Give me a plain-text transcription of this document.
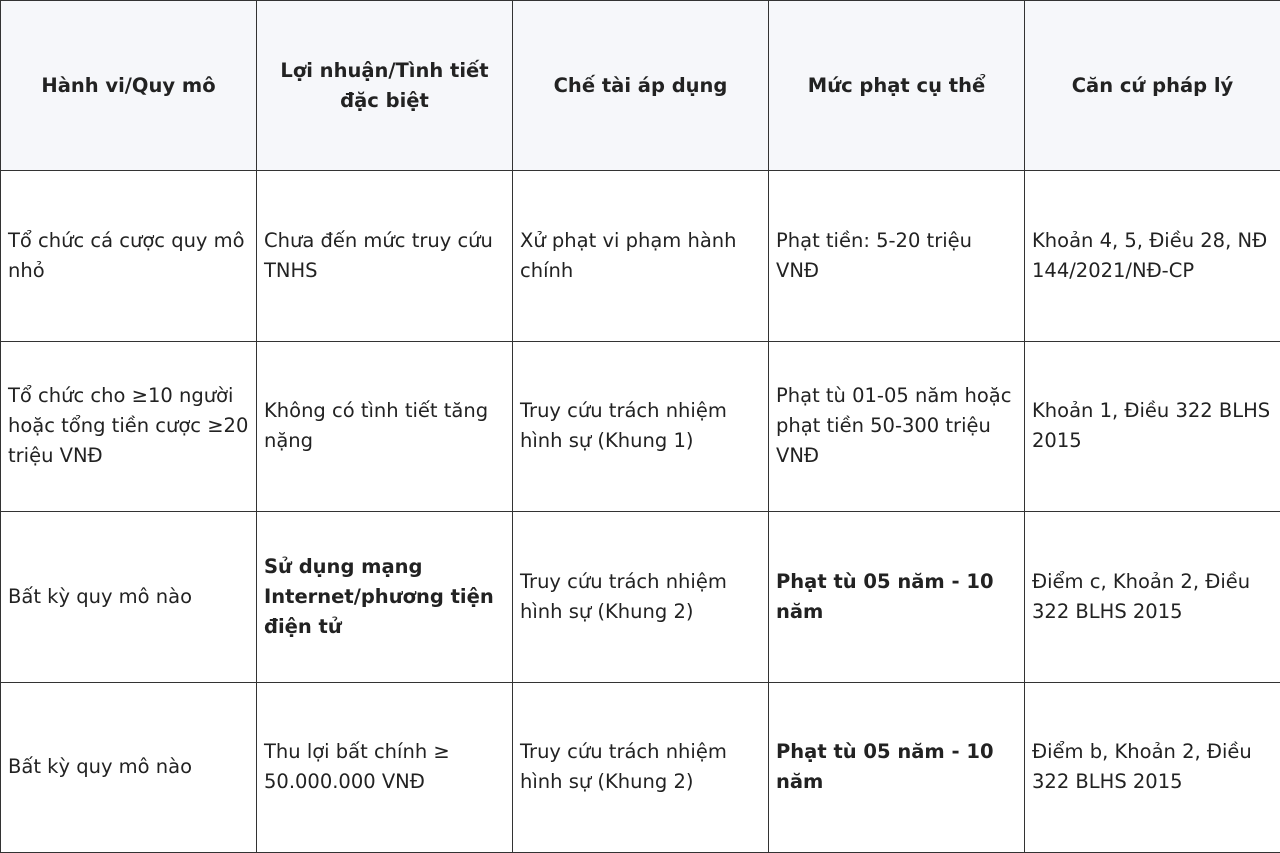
Hành vi/Quy mô	Lợi nhuận/Tình tiết đặc biệt	Chế tài áp dụng	Mức phạt cụ thể	Căn cứ pháp lý
Tổ chức cá cược quy mô nhỏ	Chưa đến mức truy cứu TNHS	Xử phạt vi phạm hành chính	Phạt tiền: 5-20 triệu VNĐ	Khoản 4, 5, Điều 28, NĐ 144/2021/NĐ-CP
Tổ chức cho ≥10 người hoặc tổng tiền cược ≥20 triệu VNĐ	Không có tình tiết tăng nặng	Truy cứu trách nhiệm hình sự (Khung 1)	Phạt tù 01-05 năm hoặc phạt tiền 50-300 triệu VNĐ	Khoản 1, Điều 322 BLHS 2015
Bất kỳ quy mô nào	Sử dụng mạng Internet/phương tiện điện tử	Truy cứu trách nhiệm hình sự (Khung 2)	Phạt tù 05 năm - 10 năm	Điểm c, Khoản 2, Điều 322 BLHS 2015
Bất kỳ quy mô nào	Thu lợi bất chính ≥ 50.000.000 VNĐ	Truy cứu trách nhiệm hình sự (Khung 2)	Phạt tù 05 năm - 10 năm	Điểm b, Khoản 2, Điều 322 BLHS 2015
